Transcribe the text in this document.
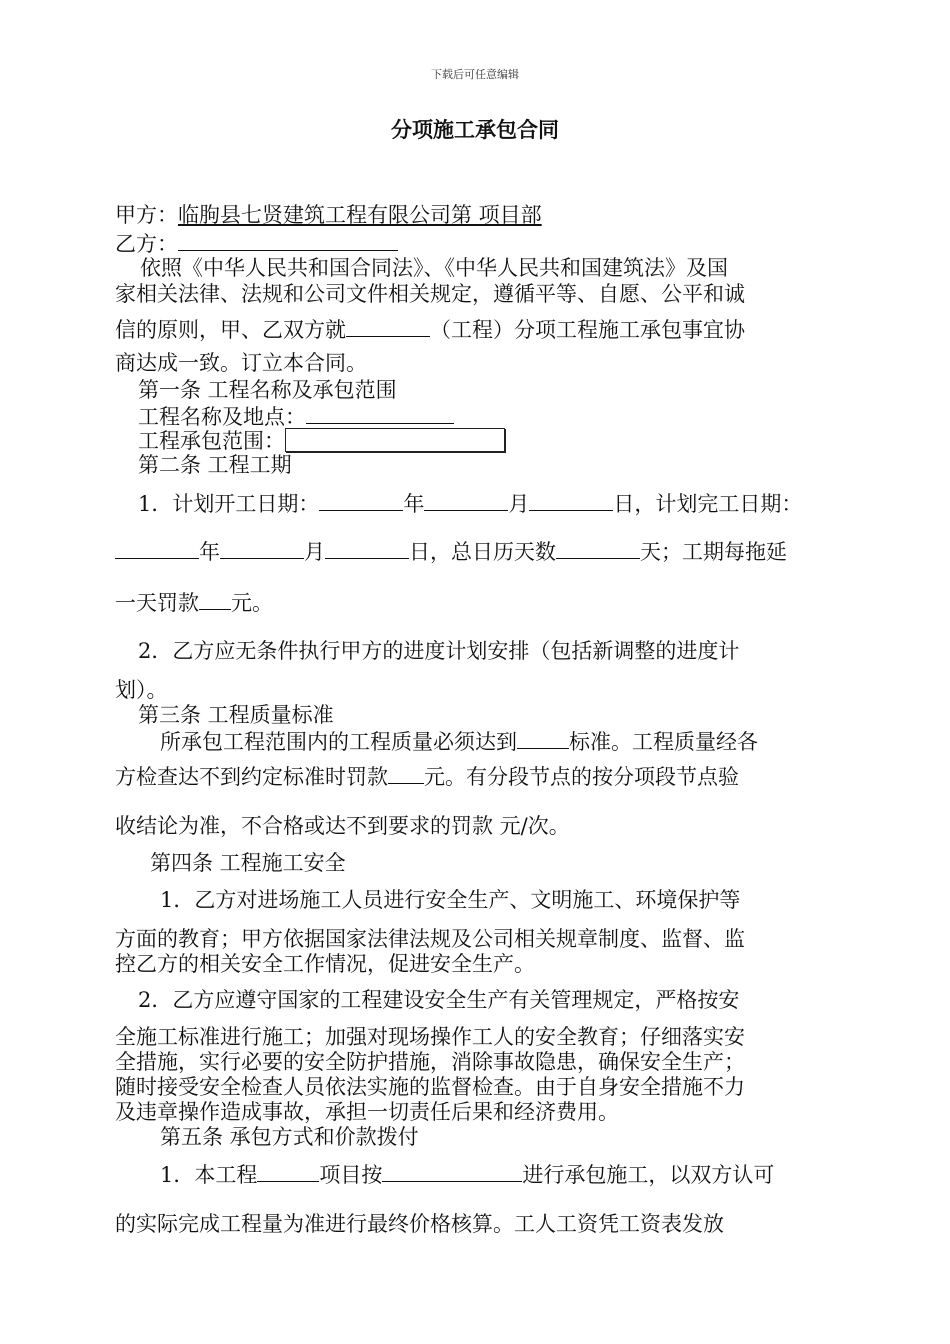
下载后可任意编辑
分项施工承包合同
甲方：临朐县七贤建筑工程有限公司第 项目部
乙方：
依照《中华人民共和国合同法》、《中华人民共和国建筑法》及国
家相关法律、法规和公司文件相关规定，遵循平等、自愿、公平和诚
信的原则，甲、乙双方就	（工程）分项工程施工承包事宜协
商达成一致。订立本合同。
第一条 工程名称及承包范围
工程名称及地点：
工程承包范围：
第二条 工程工期
1．计划开工日期：	年	月	日，计划完工日期：
年	月	日，总日历天数	天；工期每拖延
一天罚款 元。
2．乙方应无条件执行甲方的进度计划安排（包括新调整的进度计
划）。
第三条 工程质量标准
所承包工程范围内的工程质量必须达到 标准。工程质量经各
方检查达不到约定标准时罚款 元。有分段节点的按分项段节点验
收结论为准，不合格或达不到要求的罚款 元/次。
第四条 工程施工安全
1．乙方对进场施工人员进行安全生产、文明施工、环境保护等
方面的教育；甲方依据国家法律法规及公司相关规章制度、监督、监
控乙方的相关安全工作情况，促进安全生产。
2．乙方应遵守国家的工程建设安全生产有关管理规定，严格按安
全施工标准进行施工；加强对现场操作工人的安全教育；仔细落实安
全措施，实行必要的安全防护措施，消除事故隐患，确保安全生产；
随时接受安全检查人员依法实施的监督检查。由于自身安全措施不力
及违章操作造成事故，承担一切责任后果和经济费用。
第五条 承包方式和价款拨付
1．本工程	项目按	进行承包施工，以双方认可
的实际完成工程量为准进行最终价格核算。工人工资凭工资表发放
